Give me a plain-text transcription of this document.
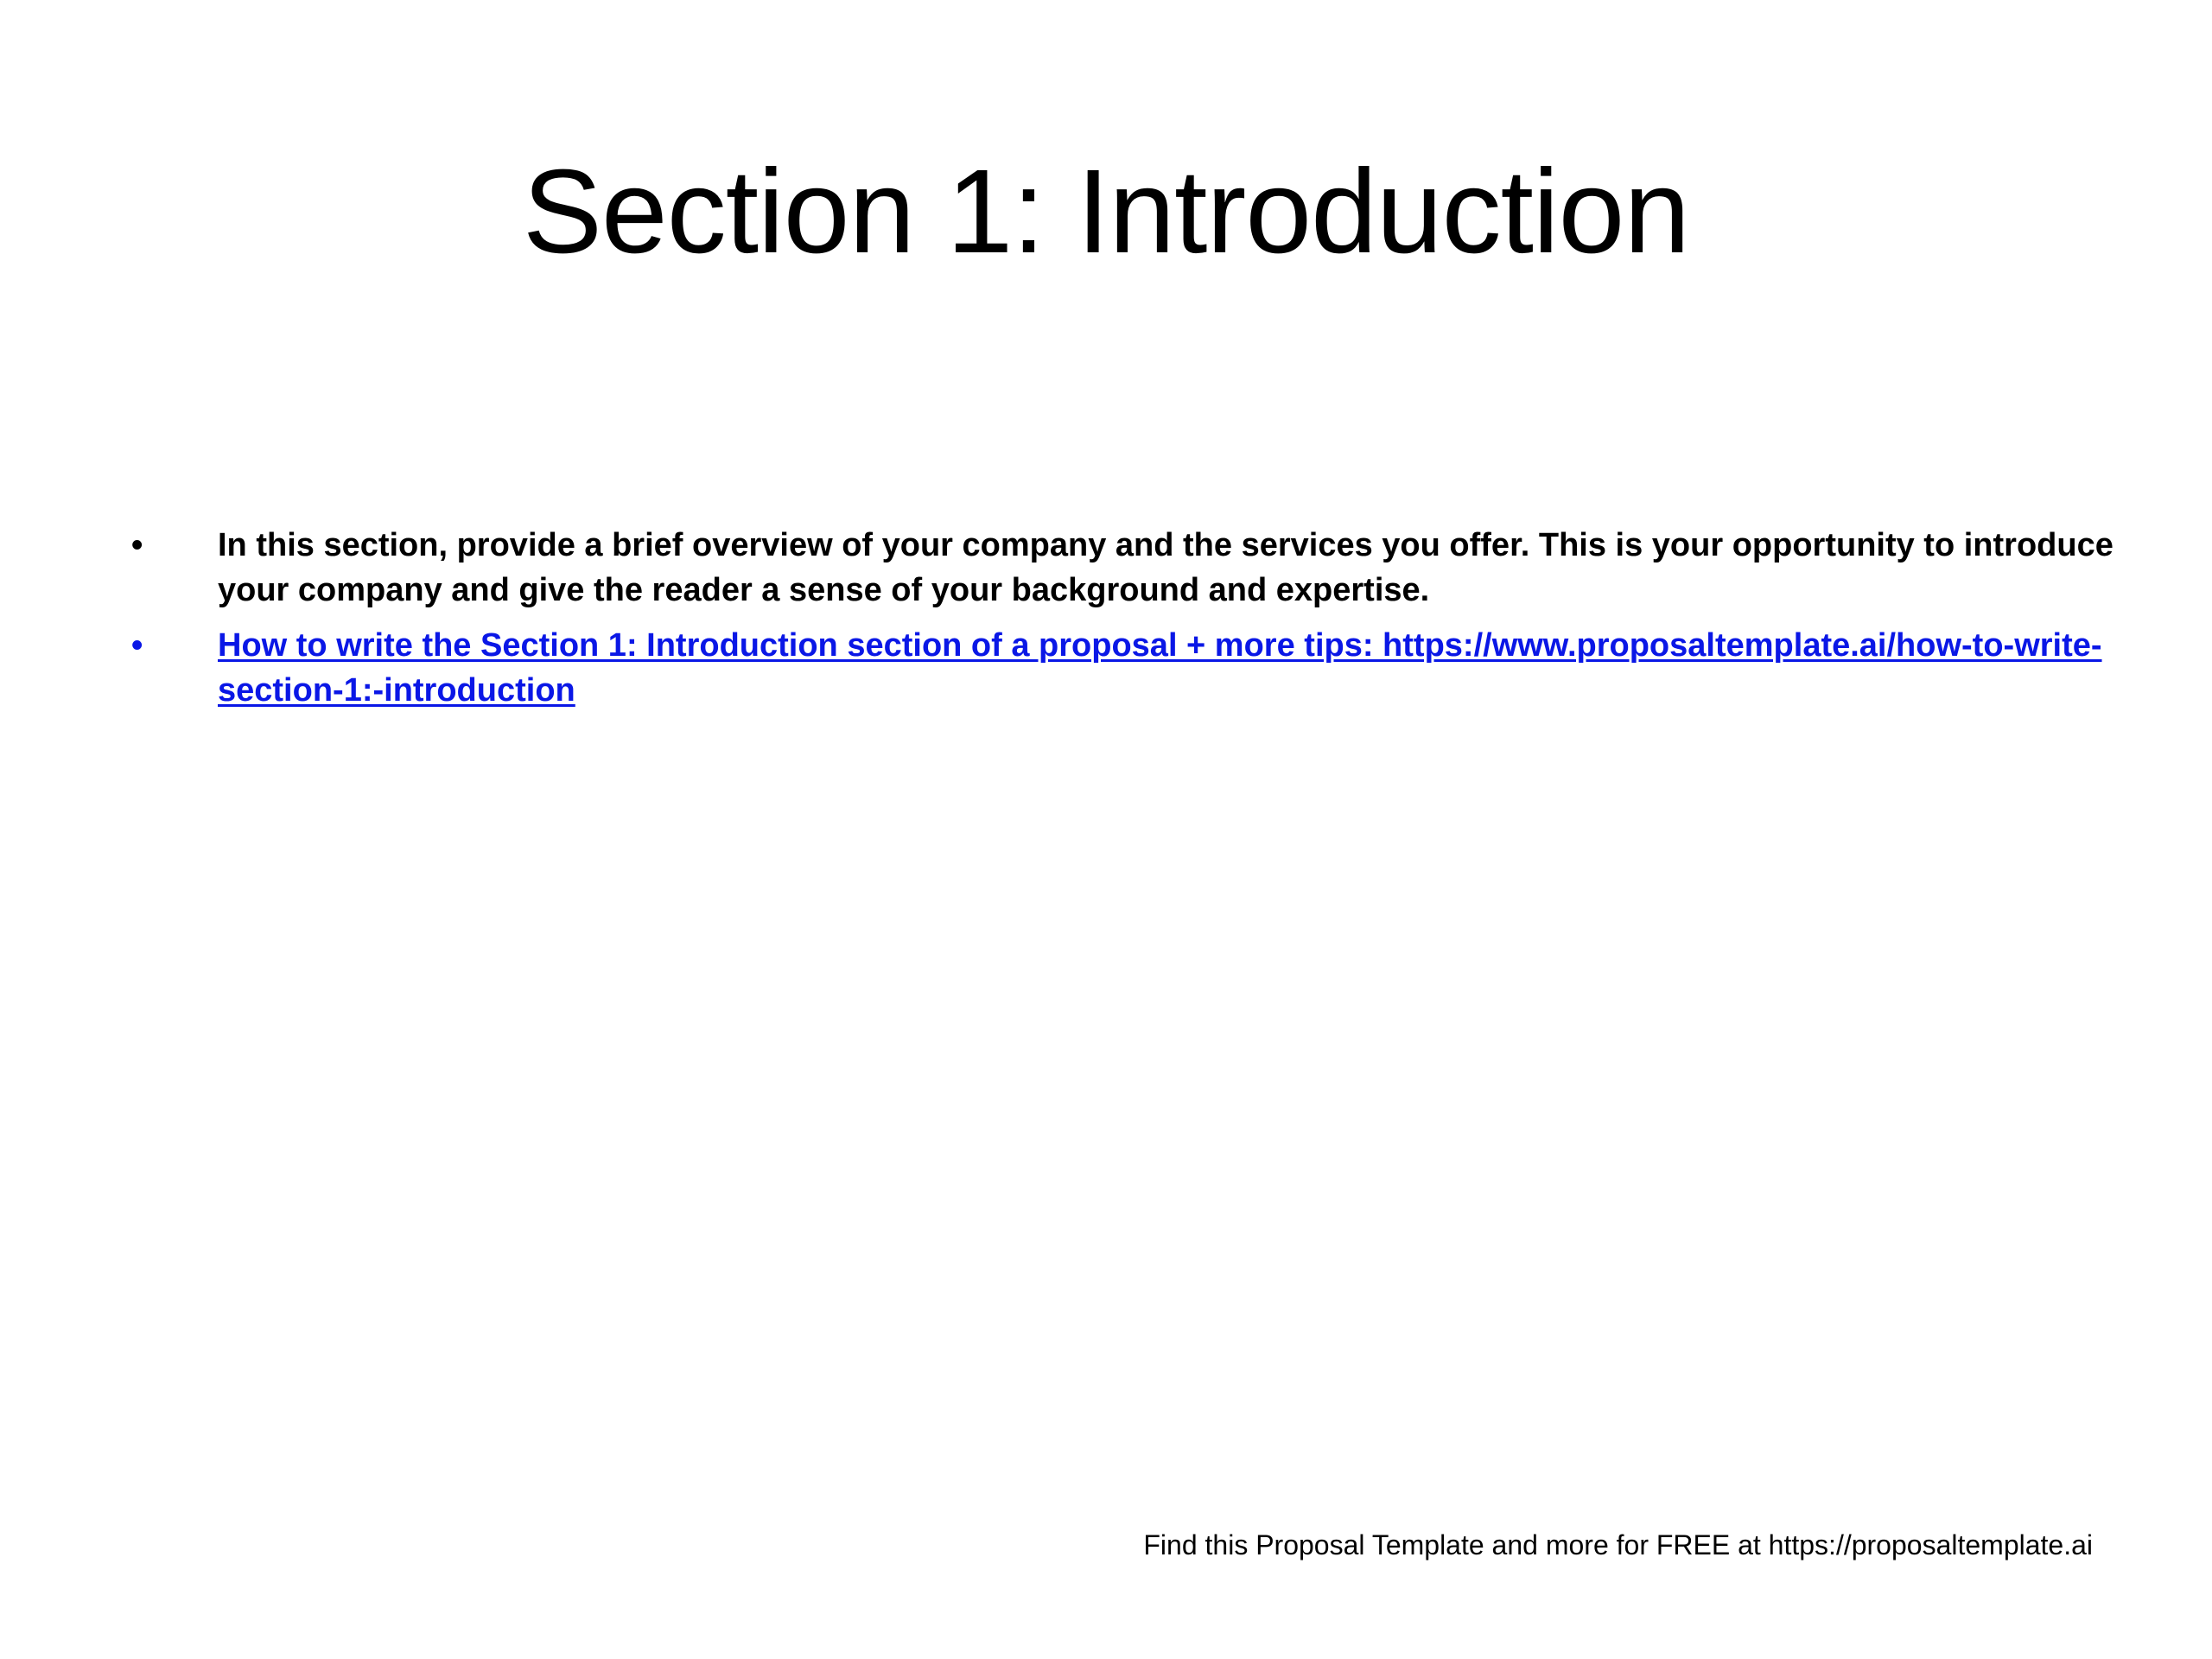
Section 1: Introduction
• In this section, provide a brief overview of your company and the services you offer. This is your opportunity to introduce your company and give the reader a sense of your background and expertise.
• How to write the Section 1: Introduction section of a proposal + more tips: https://www.proposaltemplate.ai/how-to-write-section-1:-introduction
Find this Proposal Template and more for FREE at https://proposaltemplate.ai
